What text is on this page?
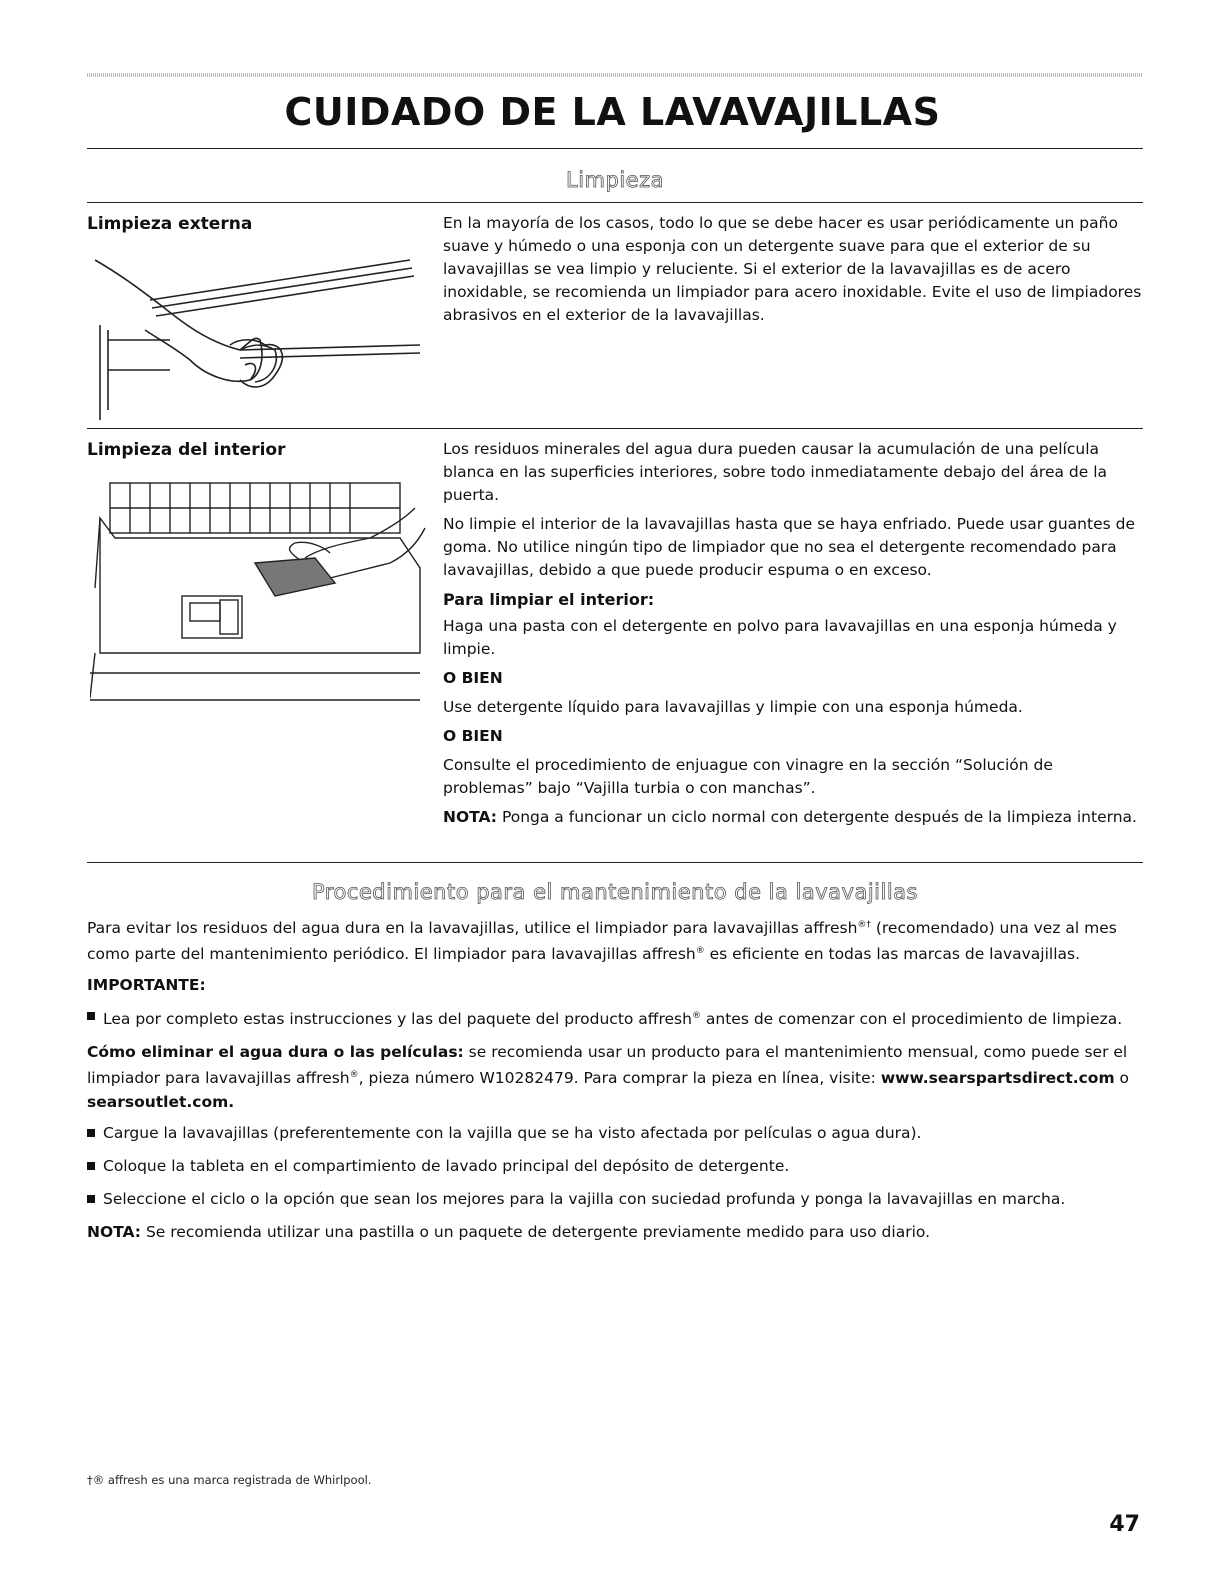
CUIDADO DE LA LAVAVAJILLAS
Limpieza
Limpieza externa	En la mayoría de los casos, todo lo que se debe hacer es usar periódicamente un paño suave y húmedo o una esponja con un detergente suave para que el exterior de su lavavajillas se vea limpio y reluciente. Si el exterior de la lavavajillas es de acero inoxidable, se recomienda un limpiador para acero inoxidable. Evite el uso de limpiadores abrasivos en el exterior de la lavavajillas.

Limpieza del interior	Los residuos minerales del agua dura pueden causar la acumulación de una película blanca en las superficies interiores, sobre todo inmediatamente debajo del área de la puerta.

No limpie el interior de la lavavajillas hasta que se haya enfriado. Puede usar guantes de goma. No utilice ningún tipo de limpiador que no sea el detergente recomendado para lavavajillas, debido a que puede producir espuma o en exceso.

Para limpiar el interior:

Haga una pasta con el detergente en polvo para lavavajillas en una esponja húmeda y limpie.

O BIEN

Use detergente líquido para lavavajillas y limpie con una esponja húmeda.

O BIEN

Consulte el procedimiento de enjuague con vinagre en la sección “Solución de problemas” bajo “Vajilla turbia o con manchas”.

NOTA: Ponga a funcionar un ciclo normal con detergente después de la limpieza interna.

Procedimiento para el mantenimiento de la lavavajillas

Para evitar los residuos del agua dura en la lavavajillas, utilice el limpiador para lavavajillas affresh®† (recomendado) una vez al mes como parte del mantenimiento periódico. El limpiador para lavavajillas affresh® es eficiente en todas las marcas de lavavajillas.

IMPORTANTE:

Lea por completo estas instrucciones y las del paquete del producto affresh® antes de comenzar con el procedimiento de limpieza.

Cómo eliminar el agua dura o las películas: se recomienda usar un producto para el mantenimiento mensual, como puede ser el limpiador para lavavajillas affresh®, pieza número W10282479. Para comprar la pieza en línea, visite: www.searspartsdirect.com o searsoutlet.com.

Cargue la lavavajillas (preferentemente con la vajilla que se ha visto afectada por películas o agua dura).
Coloque la tableta en el compartimiento de lavado principal del depósito de detergente.
Seleccione el ciclo o la opción que sean los mejores para la vajilla con suciedad profunda y ponga la lavavajillas en marcha.

NOTA: Se recomienda utilizar una pastilla o un paquete de detergente previamente medido para uso diario.

†® affresh es una marca registrada de Whirlpool.
47
